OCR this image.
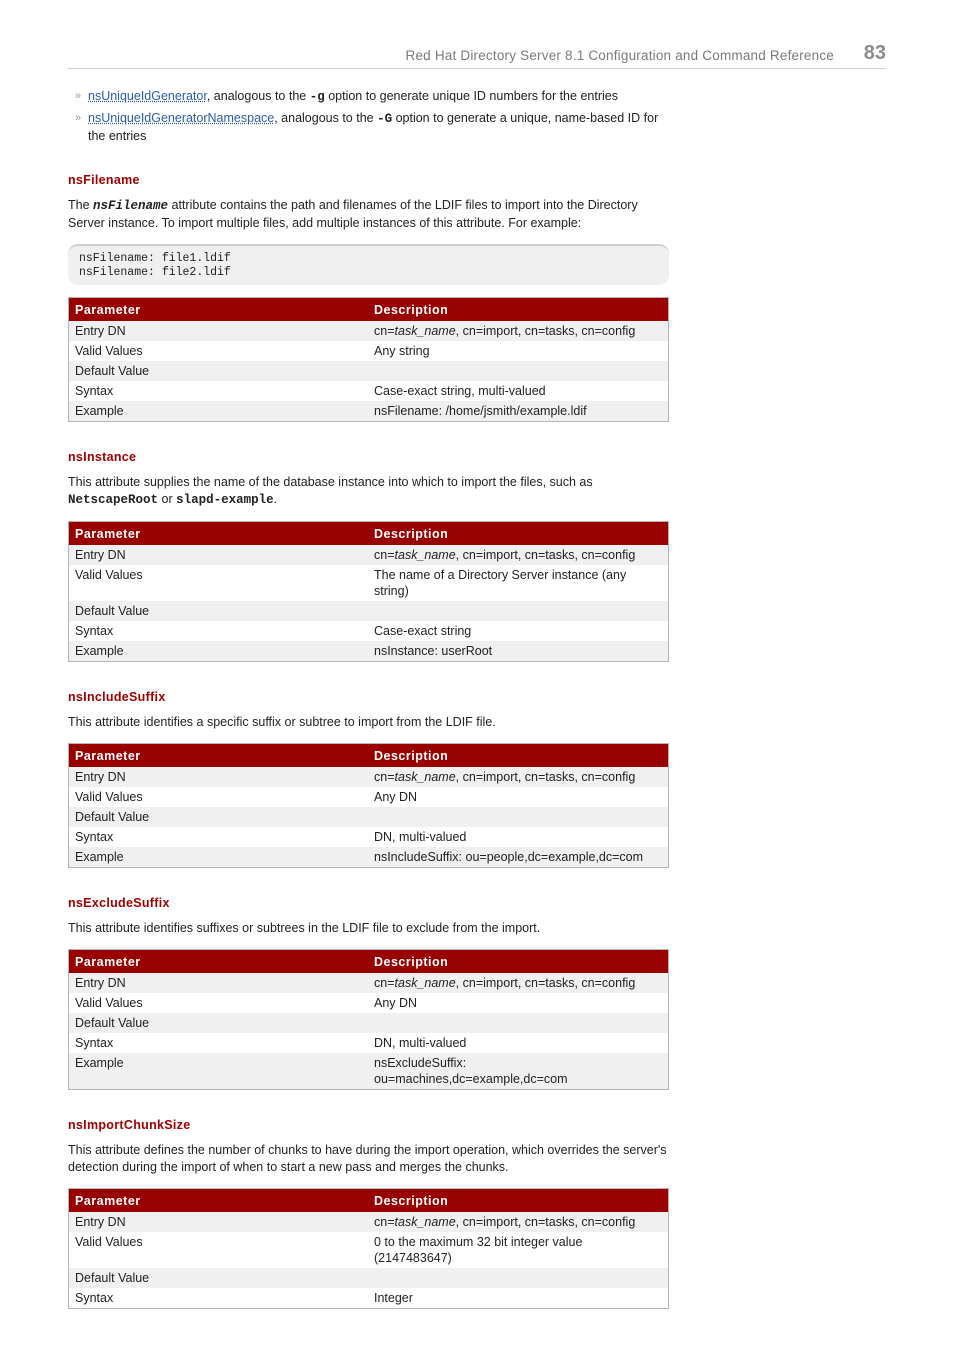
Red Hat Directory Server 8.1 Configuration and Command Reference 83
» nsUniqueIdGenerator, analogous to the -g option to generate unique ID numbers for the entries
» nsUniqueIdGeneratorNamespace, analogous to the -G option to generate a unique, name-based ID for the entries
nsFilename

The nsFilename attribute contains the path and filenames of the LDIF files to import into the Directory Server instance. To import multiple files, add multiple instances of this attribute. For example:

nsFilename: file1.ldif
nsFilename: file2.ldif
Parameter	Description
Entry DN	cn=task_name, cn=import, cn=tasks, cn=config
Valid Values	Any string
Default Value	
Syntax	Case-exact string, multi-valued
Example	nsFilename: /home/jsmith/example.ldif
nsInstance

This attribute supplies the name of the database instance into which to import the files, such as NetscapeRoot or slapd-example.

Parameter	Description
Entry DN	cn=task_name, cn=import, cn=tasks, cn=config
Valid Values	The name of a Directory Server instance (any string)
Default Value	
Syntax	Case-exact string
Example	nsInstance: userRoot
nsIncludeSuffix

This attribute identifies a specific suffix or subtree to import from the LDIF file.

Parameter	Description
Entry DN	cn=task_name, cn=import, cn=tasks, cn=config
Valid Values	Any DN
Default Value	
Syntax	DN, multi-valued
Example	nsIncludeSuffix: ou=people,dc=example,dc=com
nsExcludeSuffix

This attribute identifies suffixes or subtrees in the LDIF file to exclude from the import.

Parameter	Description
Entry DN	cn=task_name, cn=import, cn=tasks, cn=config
Valid Values	Any DN
Default Value	
Syntax	DN, multi-valued
Example	nsExcludeSuffix: ou=machines,dc=example,dc=com
nsImportChunkSize

This attribute defines the number of chunks to have during the import operation, which overrides the server's detection during the import of when to start a new pass and merges the chunks.

Parameter	Description
Entry DN	cn=task_name, cn=import, cn=tasks, cn=config
Valid Values	0 to the maximum 32 bit integer value (2147483647)
Default Value	
Syntax	Integer
